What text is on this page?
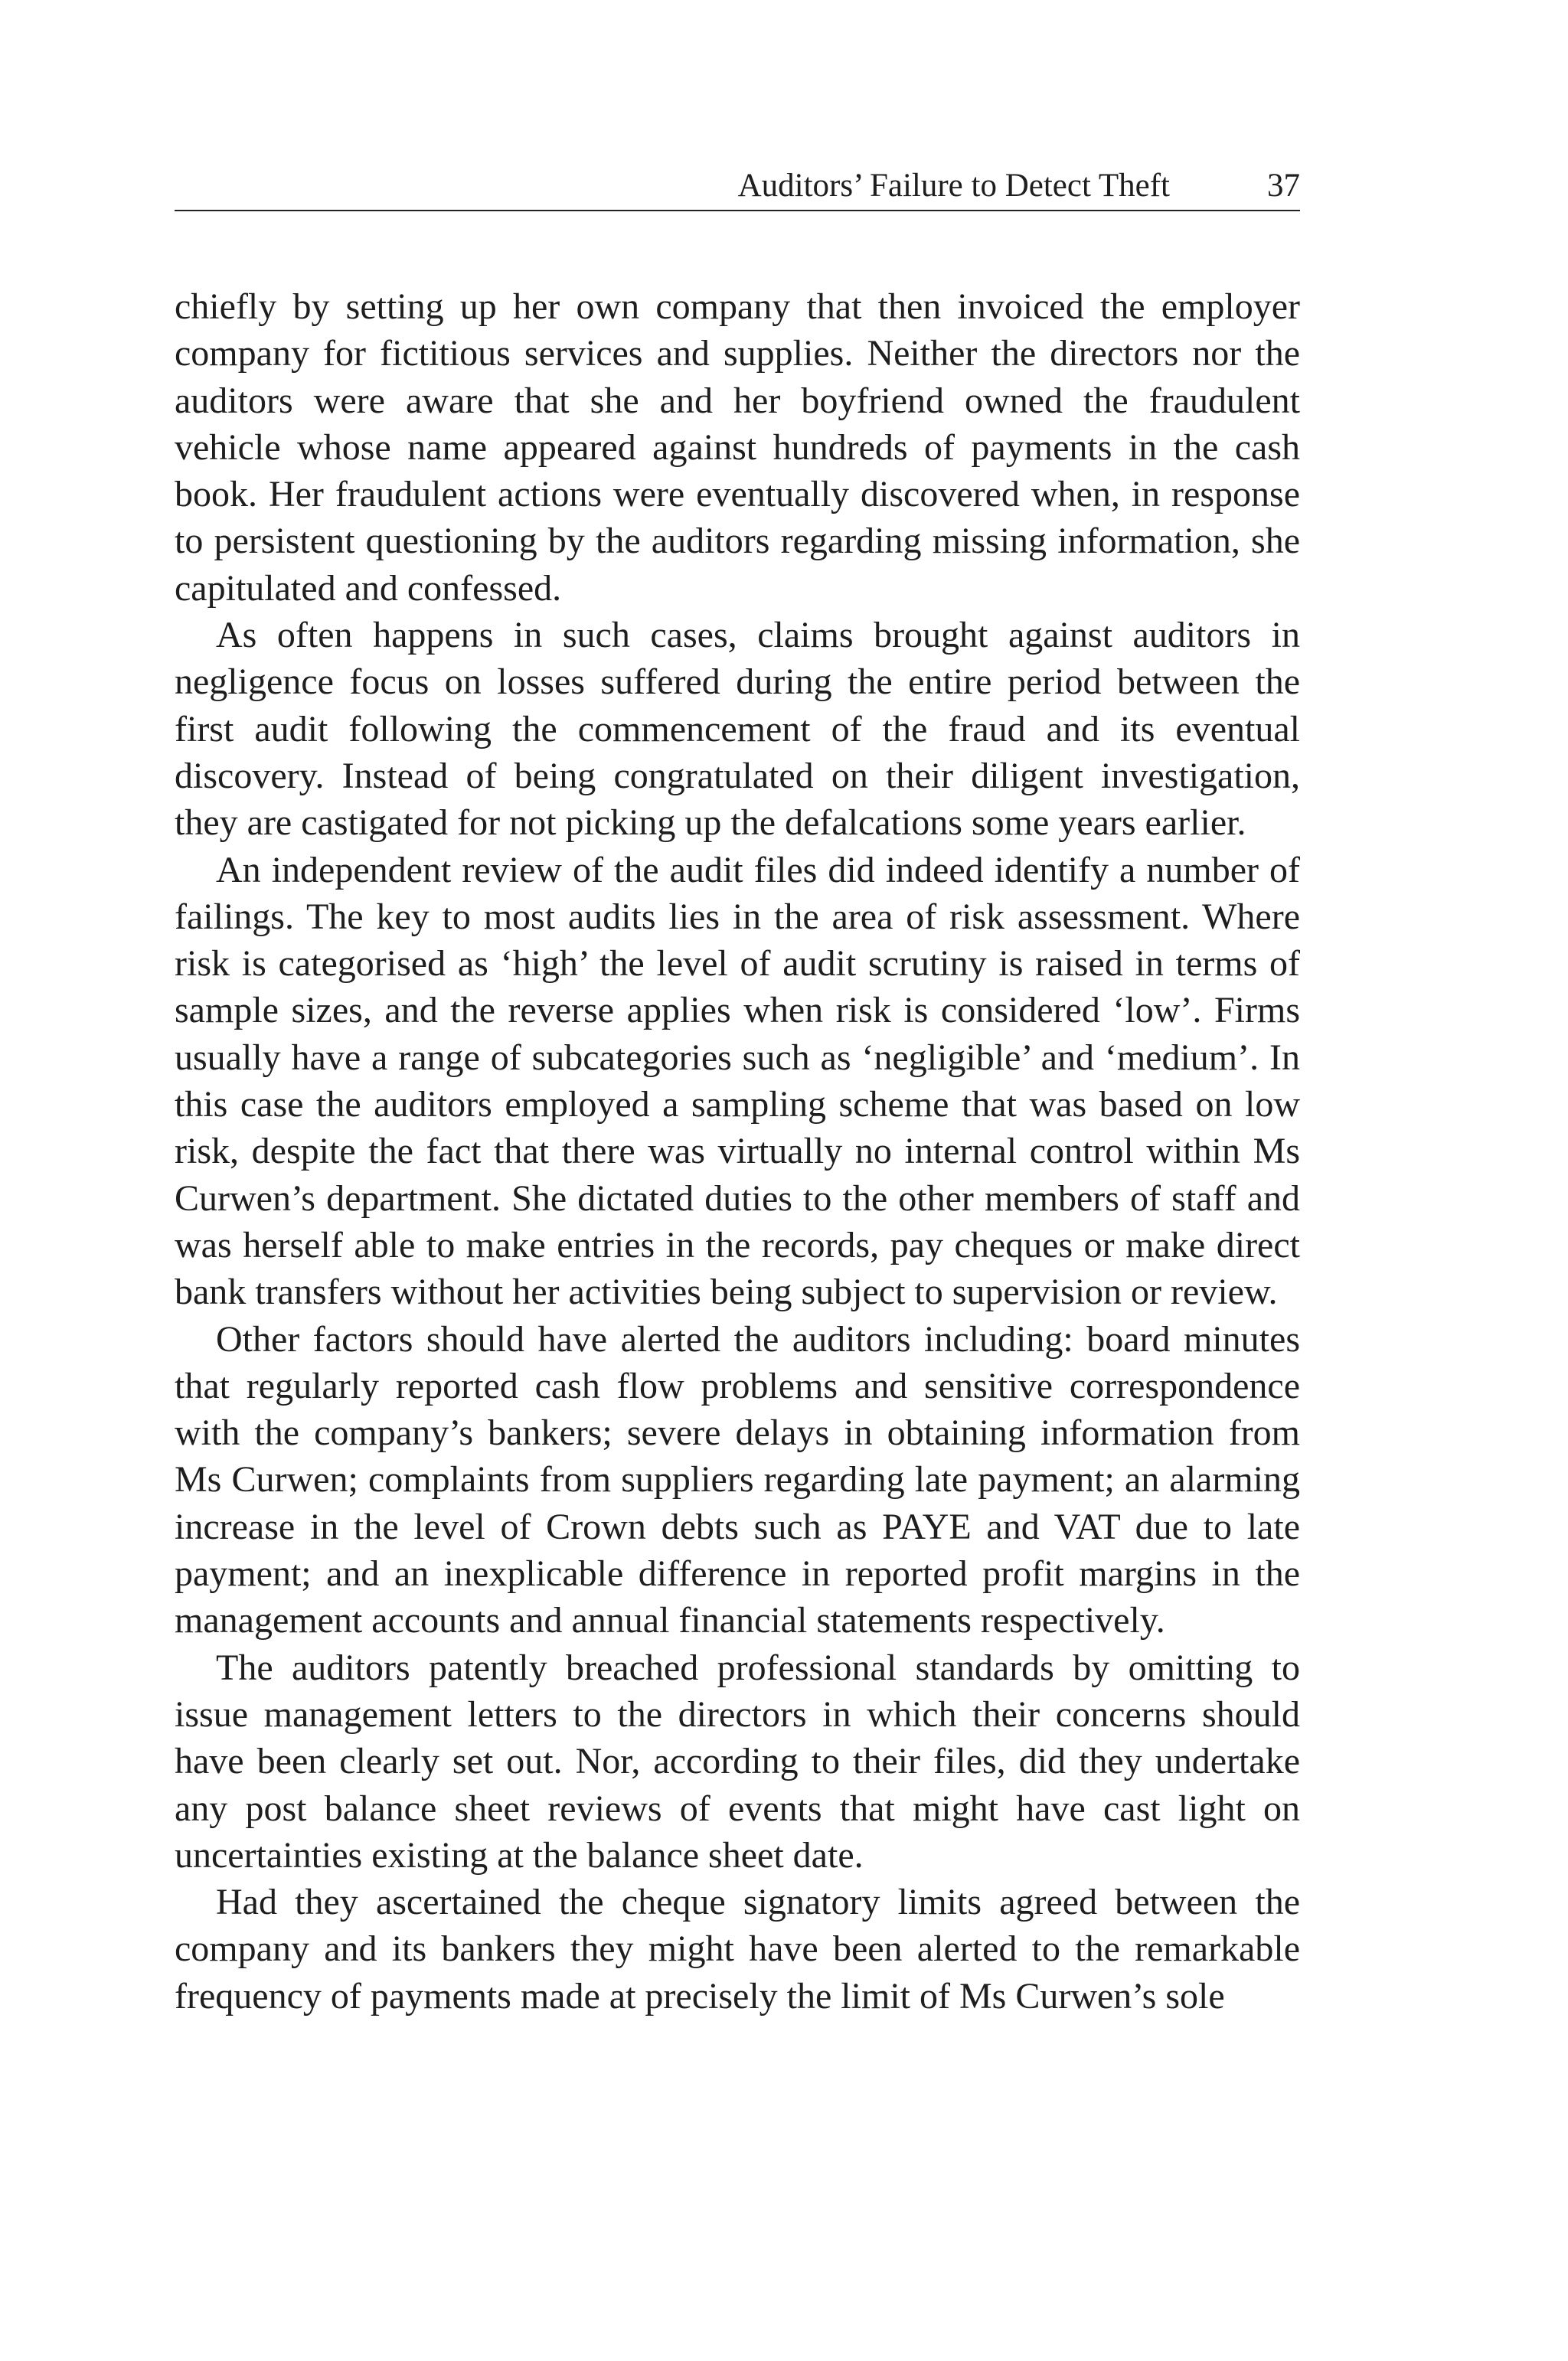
Auditors’ Failure to Detect Theft	37

chiefly by setting up her own company that then invoiced the employer company for fictitious services and supplies. Neither the directors nor the auditors were aware that she and her boyfriend owned the fraudulent vehicle whose name appeared against hundreds of payments in the cash book. Her fraudulent actions were eventually discovered when, in response to persistent questioning by the auditors regarding missing information, she capitulated and confessed.

As often happens in such cases, claims brought against auditors in negligence focus on losses suffered during the entire period between the first audit following the commencement of the fraud and its eventual discovery. Instead of being congratulated on their diligent investigation, they are castigated for not picking up the defalcations some years earlier.

An independent review of the audit files did indeed identify a number of failings. The key to most audits lies in the area of risk assessment. Where risk is categorised as ‘high’ the level of audit scrutiny is raised in terms of sample sizes, and the reverse applies when risk is considered ‘low’. Firms usually have a range of subcategories such as ‘negligible’ and ‘medium’. In this case the auditors employed a sampling scheme that was based on low risk, despite the fact that there was virtually no internal control within Ms Curwen’s department. She dictated duties to the other members of staff and was herself able to make entries in the records, pay cheques or make direct bank transfers without her activities being subject to supervision or review.

Other factors should have alerted the auditors including: board minutes that regularly reported cash flow problems and sensitive correspondence with the company’s bankers; severe delays in obtaining information from Ms Curwen; complaints from suppliers regarding late payment; an alarming increase in the level of Crown debts such as PAYE and VAT due to late payment; and an inexplicable difference in reported profit margins in the management accounts and annual financial statements respectively.

The auditors patently breached professional standards by omitting to issue management letters to the directors in which their concerns should have been clearly set out. Nor, according to their files, did they undertake any post balance sheet reviews of events that might have cast light on uncertainties existing at the balance sheet date.

Had they ascertained the cheque signatory limits agreed between the company and its bankers they might have been alerted to the remarkable frequency of payments made at precisely the limit of Ms Curwen’s sole
